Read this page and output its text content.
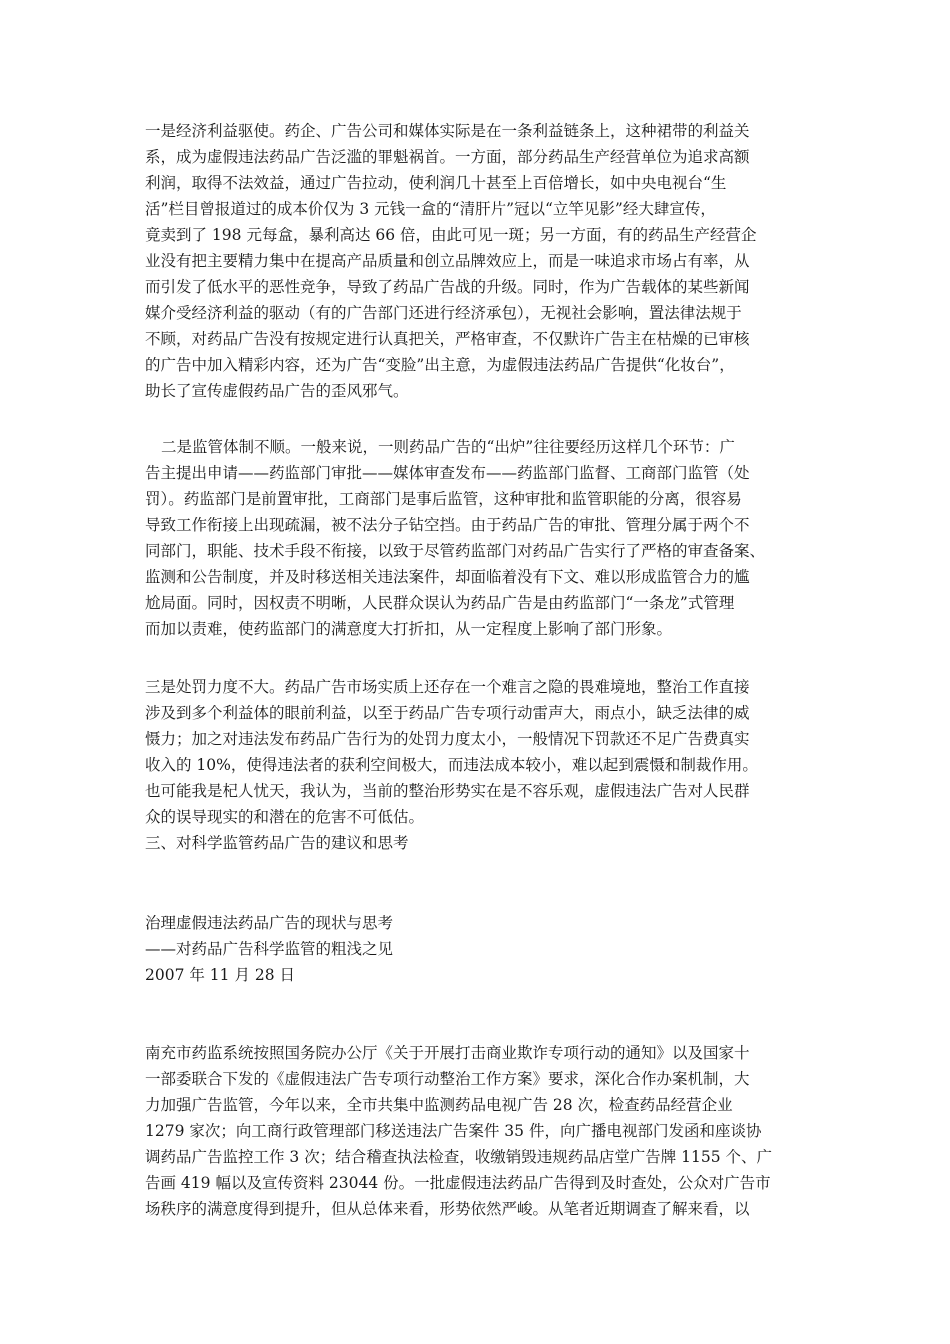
一是经济利益驱使。药企、广告公司和媒体实际是在一条利益链条上，这种裙带的利益关
系，成为虚假违法药品广告泛滥的罪魁祸首。一方面，部分药品生产经营单位为追求高额
利润，取得不法效益，通过广告拉动，使利润几十甚至上百倍增长，如中央电视台“生
活”栏目曾报道过的成本价仅为 3 元钱一盒的“清肝片”冠以“立竿见影”经大肆宣传，
竟卖到了 198 元每盒，暴利高达 66 倍，由此可见一斑；另一方面，有的药品生产经营企
业没有把主要精力集中在提高产品质量和创立品牌效应上，而是一味追求市场占有率，从
而引发了低水平的恶性竞争，导致了药品广告战的升级。同时，作为广告载体的某些新闻
媒介受经济利益的驱动（有的广告部门还进行经济承包），无视社会影响，置法律法规于
不顾，对药品广告没有按规定进行认真把关，严格审查，不仅默许广告主在枯燥的已审核
的广告中加入精彩内容，还为广告“变脸”出主意，为虚假违法药品广告提供“化妆台”，
助长了宣传虚假药品广告的歪风邪气。
二是监管体制不顺。一般来说，一则药品广告的“出炉”往往要经历这样几个环节：广
告主提出申请——药监部门审批——媒体审查发布——药监部门监督、工商部门监管（处
罚）。药监部门是前置审批，工商部门是事后监管，这种审批和监管职能的分离，很容易
导致工作衔接上出现疏漏，被不法分子钻空挡。由于药品广告的审批、管理分属于两个不
同部门，职能、技术手段不衔接，以致于尽管药监部门对药品广告实行了严格的审查备案、
监测和公告制度，并及时移送相关违法案件，却面临着没有下文、难以形成监管合力的尴
尬局面。同时，因权责不明晰，人民群众误认为药品广告是由药监部门“一条龙”式管理
而加以责难，使药监部门的满意度大打折扣，从一定程度上影响了部门形象。
三是处罚力度不大。药品广告市场实质上还存在一个难言之隐的畏难境地，整治工作直接
涉及到多个利益体的眼前利益，以至于药品广告专项行动雷声大，雨点小，缺乏法律的威
慑力；加之对违法发布药品广告行为的处罚力度太小，一般情况下罚款还不足广告费真实
收入的 10%，使得违法者的获利空间极大，而违法成本较小，难以起到震慑和制裁作用。
也可能我是杞人忧天，我认为，当前的整治形势实在是不容乐观，虚假违法广告对人民群
众的误导现实的和潜在的危害不可低估。
三、对科学监管药品广告的建议和思考
治理虚假违法药品广告的现状与思考
——对药品广告科学监管的粗浅之见
2007 年 11 月 28 日
南充市药监系统按照国务院办公厅《关于开展打击商业欺诈专项行动的通知》以及国家十
一部委联合下发的《虚假违法广告专项行动整治工作方案》要求，深化合作办案机制，大
力加强广告监管，今年以来，全市共集中监测药品电视广告 28 次，检查药品经营企业
1279 家次；向工商行政管理部门移送违法广告案件 35 件，向广播电视部门发函和座谈协
调药品广告监控工作 3 次；结合稽查执法检查，收缴销毁违规药品店堂广告牌 1155 个、广
告画 419 幅以及宣传资料 23044 份。一批虚假违法药品广告得到及时查处，公众对广告市
场秩序的满意度得到提升，但从总体来看，形势依然严峻。从笔者近期调查了解来看，以
